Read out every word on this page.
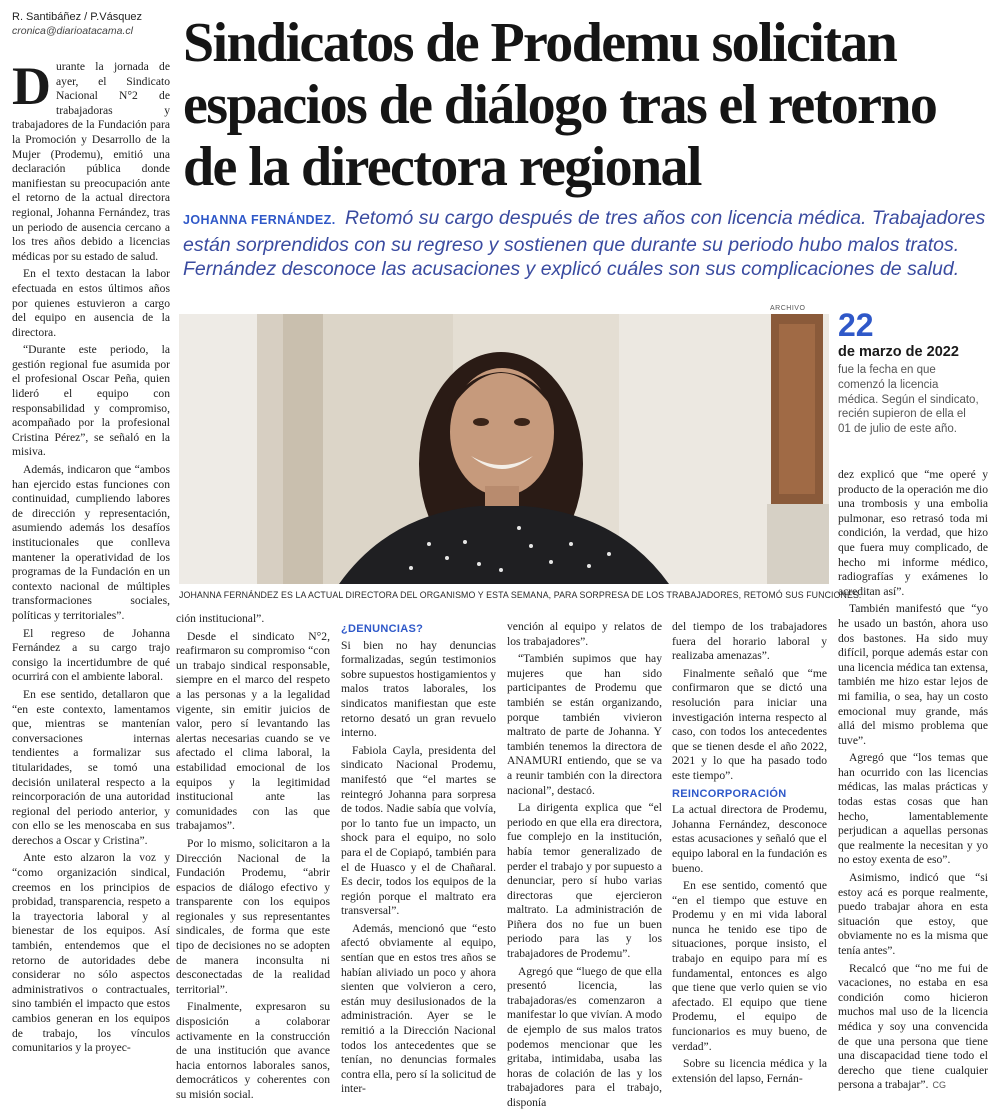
R. Santibáñez / P.Vásquez
cronica@diarioatacama.cl Sindicatos de Prodemu solicitan espacios de diálogo tras el retorno de la directora regional
JOHANNA FERNÁNDEZ. Retomó su cargo después de tres años con licencia médica. Trabajadores están sorprendidos con su regreso y sostienen que durante su periodo hubo malos tratos. Fernández desconoce las acusaciones y explicó cuáles son sus complicaciones de salud.
ARCHIVO
JOHANNA FERNÁNDEZ ES LA ACTUAL DIRECTORA DEL ORGANISMO Y ESTA SEMANA, PARA SORPRESA DE LOS TRABAJADORES, RETOMÓ SUS FUNCIONES.
22
de marzo de 2022
fue la fecha en que comenzó la licencia médica. Según el sindicato, recién supieron de ella el 01 de julio de este año.

Durante la jornada de ayer, el Sindicato Nacional N°2 de trabajadoras y trabajadores de la Fundación para la Promoción y Desarrollo de la Mujer (Prodemu), emitió una declaración pública donde manifiestan su preocupación ante el retorno de la actual directora regional, Johanna Fernández, tras un periodo de ausencia cercano a los tres años debido a licencias médicas por su estado de salud.

En el texto destacan la labor efectuada en estos últimos años por quienes estuvieron a cargo del equipo en ausencia de la directora.

“Durante este periodo, la gestión regional fue asumida por el profesional Oscar Peña, quien lideró el equipo con responsabilidad y compromiso, acompañado por la profesional Cristina Pérez”, se señaló en la misiva.

Además, indicaron que “ambos han ejercido estas funciones con continuidad, cumpliendo labores de dirección y representación, asumiendo además los desafíos institucionales que conlleva mantener la operatividad de los programas de la Fundación en un contexto nacional de múltiples transformaciones sociales, políticas y territoriales”.

El regreso de Johanna Fernández a su cargo trajo consigo la incertidumbre de qué ocurrirá con el ambiente laboral.

En ese sentido, detallaron que “en este contexto, lamentamos que, mientras se mantenían conversaciones internas tendientes a formalizar sus titularidades, se tomó una decisión unilateral respecto a la reincorporación de una autoridad regional del periodo anterior, y con ello se les menoscaba en sus derechos a Oscar y Cristina”.

Ante esto alzaron la voz y “como organización sindical, creemos en los principios de probidad, transparencia, respeto a la trayectoria laboral y al bienestar de los equipos. Así también, entendemos que el retorno de autoridades debe considerar no sólo aspectos administrativos o contractuales, sino también el impacto que estos cambios generan en los equipos de trabajo, los vínculos comunitarios y la proyec-

ción institucional”.

Desde el sindicato N°2, reafirmaron su compromiso “con un trabajo sindical responsable, siempre en el marco del respeto a las personas y a la legalidad vigente, sin emitir juicios de valor, pero sí levantando las alertas necesarias cuando se ve afectado el clima laboral, la estabilidad emocional de los equipos y la legitimidad institucional ante las comunidades con las que trabajamos”.

Por lo mismo, solicitaron a la Dirección Nacional de la Fundación Prodemu, “abrir espacios de diálogo efectivo y transparente con los equipos regionales y sus representantes sindicales, de forma que este tipo de decisiones no se adopten de manera inconsulta ni desconectadas de la realidad territorial”.

Finalmente, expresaron su disposición a colaborar activamente en la construcción de una institución que avance hacia entornos laborales sanos, democráticos y coherentes con su misión social.

¿DENUNCIAS?

Si bien no hay denuncias formalizadas, según testimonios sobre supuestos hostigamientos y malos tratos laborales, los sindicatos manifiestan que este retorno desató un gran revuelo interno.

Fabiola Cayla, presidenta del sindicato Nacional Prodemu, manifestó que “el martes se reintegró Johanna para sorpresa de todos. Nadie sabía que volvía, por lo tanto fue un impacto, un shock para el equipo, no solo para el de Copiapó, también para el de Huasco y el de Chañaral. Es decir, todos los equipos de la región porque el maltrato era transversal”.

Además, mencionó que “esto afectó obviamente al equipo, sentían que en estos tres años se habían aliviado un poco y ahora sienten que volvieron a cero, están muy desilusionados de la administración. Ayer se le remitió a la Dirección Nacional todos los antecedentes que se tenían, no denuncias formales contra ella, pero sí la solicitud de inter-

vención al equipo y relatos de los trabajadores”.

“También supimos que hay mujeres que han sido participantes de Prodemu que también se están organizando, porque también vivieron maltrato de parte de Johanna. Y también tenemos la directora de ANAMURI entiendo, que se va a reunir también con la directora nacional”, destacó.

La dirigenta explica que “el periodo en que ella era directora, fue complejo en la institución, había temor generalizado de perder el trabajo y por supuesto a denunciar, pero sí hubo varias directoras que ejercieron maltrato. La administración de Piñera dos no fue un buen periodo para las y los trabajadores de Prodemu”.

Agregó que “luego de que ella presentó licencia, las trabajadoras/es comenzaron a manifestar lo que vivían. A modo de ejemplo de sus malos tratos podemos mencionar que les gritaba, intimidaba, usaba las horas de colación de las y los trabajadores para el trabajo, disponía

del tiempo de los trabajadores fuera del horario laboral y realizaba amenazas”.

Finalmente señaló que “me confirmaron que se dictó una resolución para iniciar una investigación interna respecto al caso, con todos los antecedentes que se tienen desde el año 2022, 2021 y lo que ha pasado todo este tiempo”.

REINCORPORACIÓN

La actual directora de Prodemu, Johanna Fernández, desconoce estas acusaciones y señaló que el equipo laboral en la fundación es bueno.

En ese sentido, comentó que “en el tiempo que estuve en Prodemu y en mi vida laboral nunca he tenido ese tipo de situaciones, porque insisto, el trabajo en equipo para mí es fundamental, entonces es algo que tiene que verlo quien se vio afectado. El equipo que tiene Prodemu, el equipo de funcionarios es muy bueno, de verdad”.

Sobre su licencia médica y la extensión del lapso, Fernán-

dez explicó que “me operé y producto de la operación me dio una trombosis y una embolia pulmonar, eso retrasó toda mi condición, la verdad, que hizo que fuera muy complicado, de hecho mi informe médico, radiografías y exámenes lo acreditan así”.

También manifestó que “yo he usado un bastón, ahora uso dos bastones. Ha sido muy difícil, porque además estar con una licencia médica tan extensa, también me hizo estar lejos de mi familia, o sea, hay un costo emocional muy grande, más allá del mismo problema que tuve”.

Agregó que “los temas que han ocurrido con las licencias médicas, las malas prácticas y todas estas cosas que han hecho, lamentablemente perjudican a aquellas personas que realmente la necesitan y yo no estoy exenta de eso”.

Asimismo, indicó que “si estoy acá es porque realmente, puedo trabajar ahora en esta situación que estoy, que obviamente no es la misma que tenía antes”.

Recalcó que “no me fui de vacaciones, no estaba en esa condición como hicieron muchos mal uso de la licencia médica y soy una convencida de que una persona que tiene una discapacidad tiene todo el derecho que tiene cualquier persona a trabajar”. CG
